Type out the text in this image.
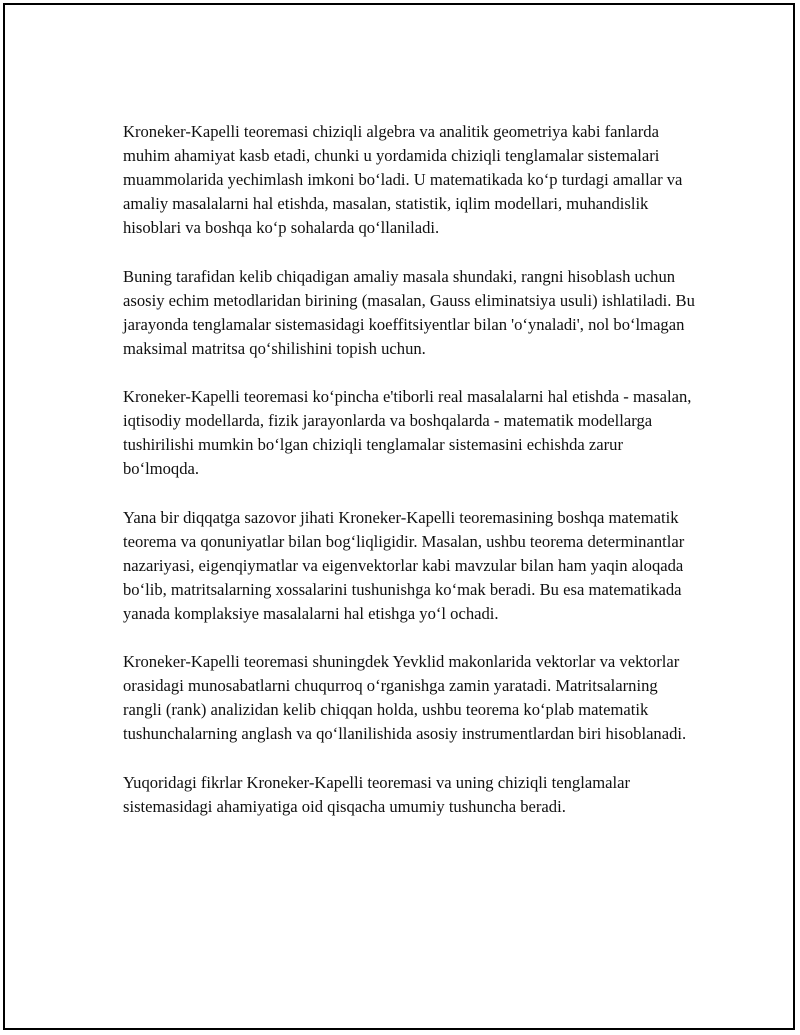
Kroneker-Kapelli teoremasi chiziqli algebra va analitik geometriya kabi fanlarda muhim ahamiyat kasb etadi, chunki u yordamida chiziqli tenglamalar sistemalari muammolarida yechimlash imkoni bo‘ladi. U matematikada ko‘p turdagi amallar va amaliy masalalarni hal etishda, masalan, statistik, iqlim modellari, muhandislik hisoblari va boshqa ko‘p sohalarda qo‘llaniladi.

Buning tarafidan kelib chiqadigan amaliy masala shundaki, rangni hisoblash uchun asosiy echim metodlaridan birining (masalan, Gauss eliminatsiya usuli) ishlatiladi. Bu jarayonda tenglamalar sistemasidagi koeffitsiyentlar bilan 'o‘ynaladi', nol bo‘lmagan maksimal matritsa qo‘shilishini topish uchun.

Kroneker-Kapelli teoremasi ko‘pincha e'tiborli real masalalarni hal etishda - masalan, iqtisodiy modellarda, fizik jarayonlarda va boshqalarda - matematik modellarga tushirilishi mumkin bo‘lgan chiziqli tenglamalar sistemasini echishda zarur bo‘lmoqda.

Yana bir diqqatga sazovor jihati Kroneker-Kapelli teoremasining boshqa matematik teorema va qonuniyatlar bilan bog‘liqligidir. Masalan, ushbu teorema determinantlar nazariyasi, eigenqiymatlar va eigenvektorlar kabi mavzular bilan ham yaqin aloqada bo‘lib, matritsalarning xossalarini tushunishga ko‘mak beradi. Bu esa matematikada yanada komplaksiye masalalarni hal etishga yo‘l ochadi.

Kroneker-Kapelli teoremasi shuningdek Yevklid makonlarida vektorlar va vektorlar orasidagi munosabatlarni chuqurroq o‘rganishga zamin yaratadi. Matritsalarning rangli (rank) analizidan kelib chiqqan holda, ushbu teorema ko‘plab matematik tushunchalarning anglash va qo‘llanilishida asosiy instrumentlardan biri hisoblanadi.

Yuqoridagi fikrlar Kroneker-Kapelli teoremasi va uning chiziqli tenglamalar sistemasidagi ahamiyatiga oid qisqacha umumiy tushuncha beradi.
